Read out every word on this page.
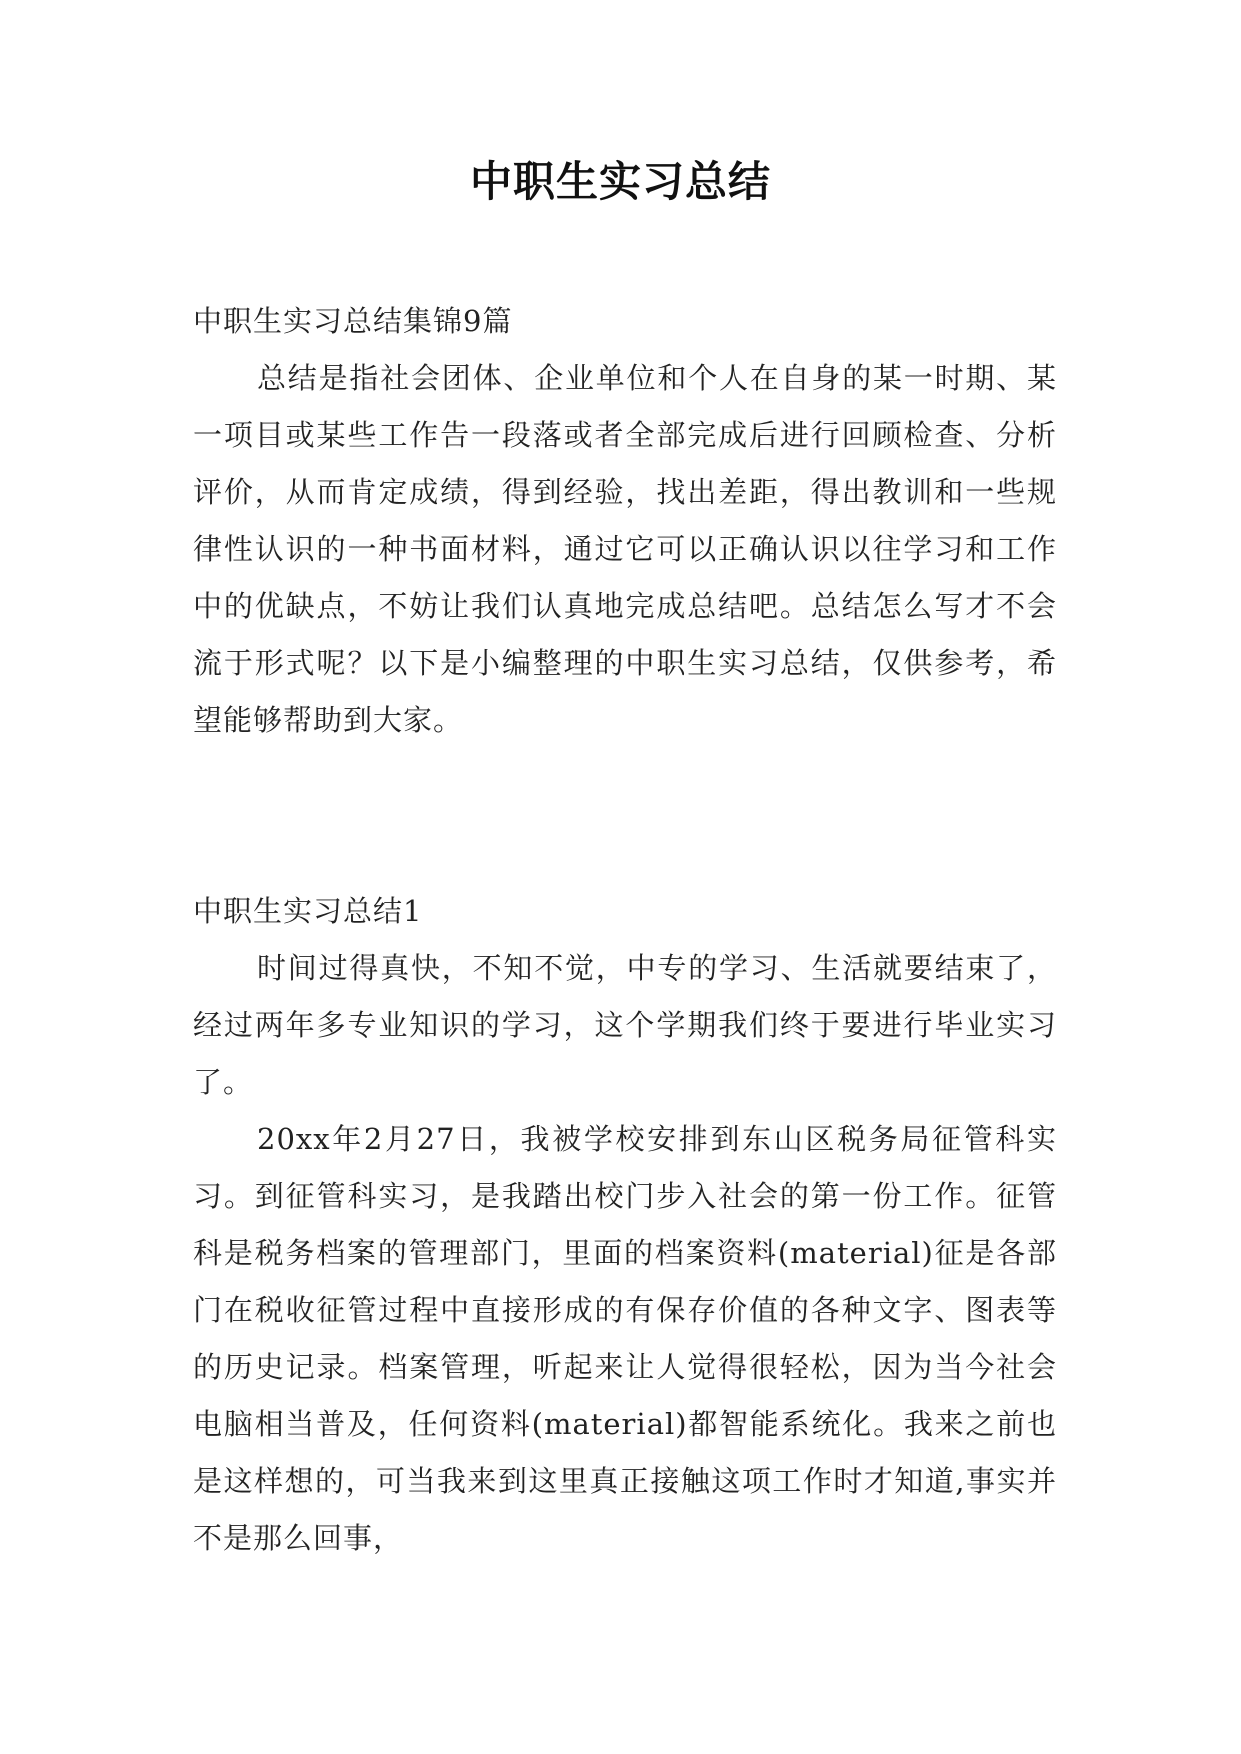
中职生实习总结
中职生实习总结集锦9篇

总结是指社会团体、企业单位和个人在自身的某一时期、某一项目或某些工作告一段落或者全部完成后进行回顾检查、分析评价，从而肯定成绩，得到经验，找出差距，得出教训和一些规律性认识的一种书面材料，通过它可以正确认识以往学习和工作中的优缺点，不妨让我们认真地完成总结吧。总结怎么写才不会流于形式呢？以下是小编整理的中职生实习总结，仅供参考，希望能够帮助到大家。

中职生实习总结1

时间过得真快，不知不觉，中专的学习、生活就要结束了，经过两年多专业知识的学习，这个学期我们终于要进行毕业实习了。

20xx年2月27日，我被学校安排到东山区税务局征管科实习。到征管科实习，是我踏出校门步入社会的第一份工作。征管科是税务档案的管理部门，里面的档案资料(material)征是各部门在税收征管过程中直接形成的有保存价值的各种文字、图表等的历史记录。档案管理，听起来让人觉得很轻松，因为当今社会电脑相当普及，任何资料(material)都智能系统化。我来之前也是这样想的，可当我来到这里真正接触这项工作时才知道,事实并不是那么回事，
